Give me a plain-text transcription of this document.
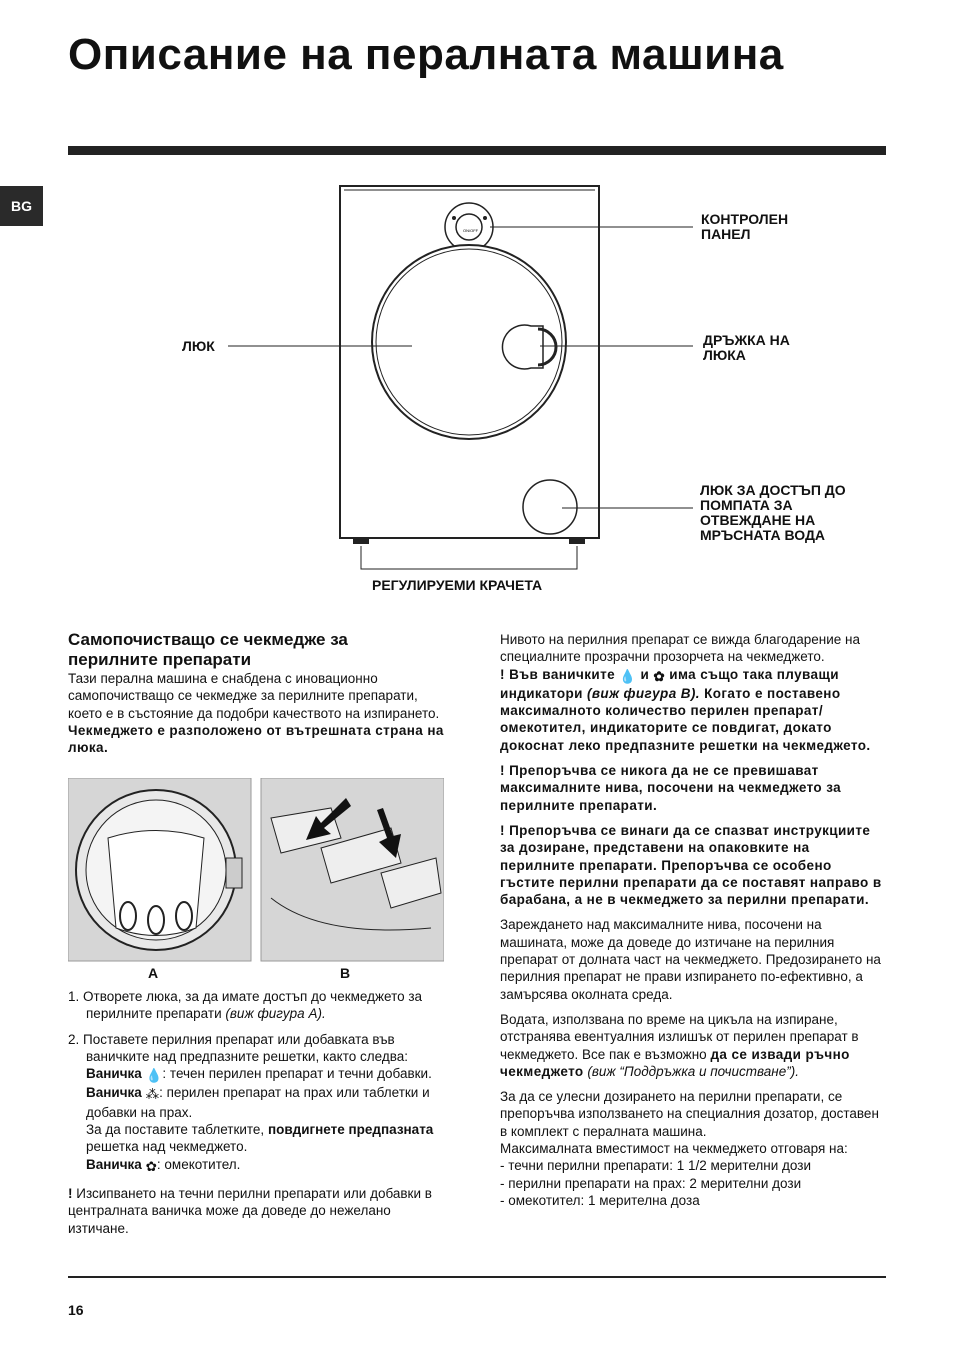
Описание на пералната машина
BG
ON/OFF
КОНТРОЛЕН
ПАНЕЛ
ЛЮК	ДРЪЖКА НА
ЛЮКА
ЛЮК ЗА ДОСТЪП ДО
ПОМПАТА ЗА
ОТВЕЖДАНЕ НА
МРЪСНАТА ВОДА
РЕГУЛИРУЕМИ КРАЧЕТА
Самопочистващо се чекмедже за
перилните препарати

Тази перална машина е снабдена с иновационно самопочистващо се чекмедже за перилните препарати, което е в състояние да подобри качеството на изпирането.

Чекмеджето е разположено от вътрешната страна на люка.

A	B

1. Отворете люка, за да имате достъп до чекмеджето за перилните препарати (виж фигура A).

2. Поставете перилния препарат или добавката във ваничките над предпазните решетки, както следва:

Ваничка 💧: течен перилен препарат и течни добавки.
Ваничка ⁂: перилен препарат на прах или таблетки и добавки на прах.
За да поставите таблетките, повдигнете предпазната решетка над чекмеджето.
Ваничка ✿: омекотител.

! Изсипването на течни перилни препарати или добавки в централната ваничка може да доведе до нежелано изтичане.

Нивото на перилния препарат се вижда благодарение на специалните прозрачни прозорчета на чекмеджето.

! Във ваничките 💧 и ✿ има също така плуващи индикатори (виж фигура B). Когато е поставено максималното количество перилен препарат/омекотител, индикаторите се повдигат, докато докоснат леко предпазните решетки на чекмеджето.

! Препоръчва се никога да не се превишават максималните нива, посочени на чекмеджето за перилните препарати.

! Препоръчва се винаги да се спазват инструкциите за дозиране, представени на опаковките на перилните препарати. Препоръчва се особено гъстите перилни препарати да се поставят направо в барабана, а не в чекмеджето за перилни препарати.

Зареждането над максималните нива, посочени на машината, може да доведе до изтичане на перилния препарат от долната част на чекмеджето. Предозирането на перилния препарат не прави изпирането по-ефективно, а замърсява околната среда.

Водата, използвана по време на цикъла на изпиране, отстранява евентуалния излишък от перилен препарат в чекмеджето. Все пак е възможно да се извади ръчно чекмеджето (виж “Поддръжка и почистване”).

За да се улесни дозирането на перилни препарати, се препоръчва използването на специалния дозатор, доставен в комплект с пералната машина.

Максималната вместимост на чекмеджето отговаря на:
- течни перилни препарати: 1 1/2 мерителни дози
- перилни препарати на прах: 2 мерителни дози
- омекотител: 1 мерителна доза
16
